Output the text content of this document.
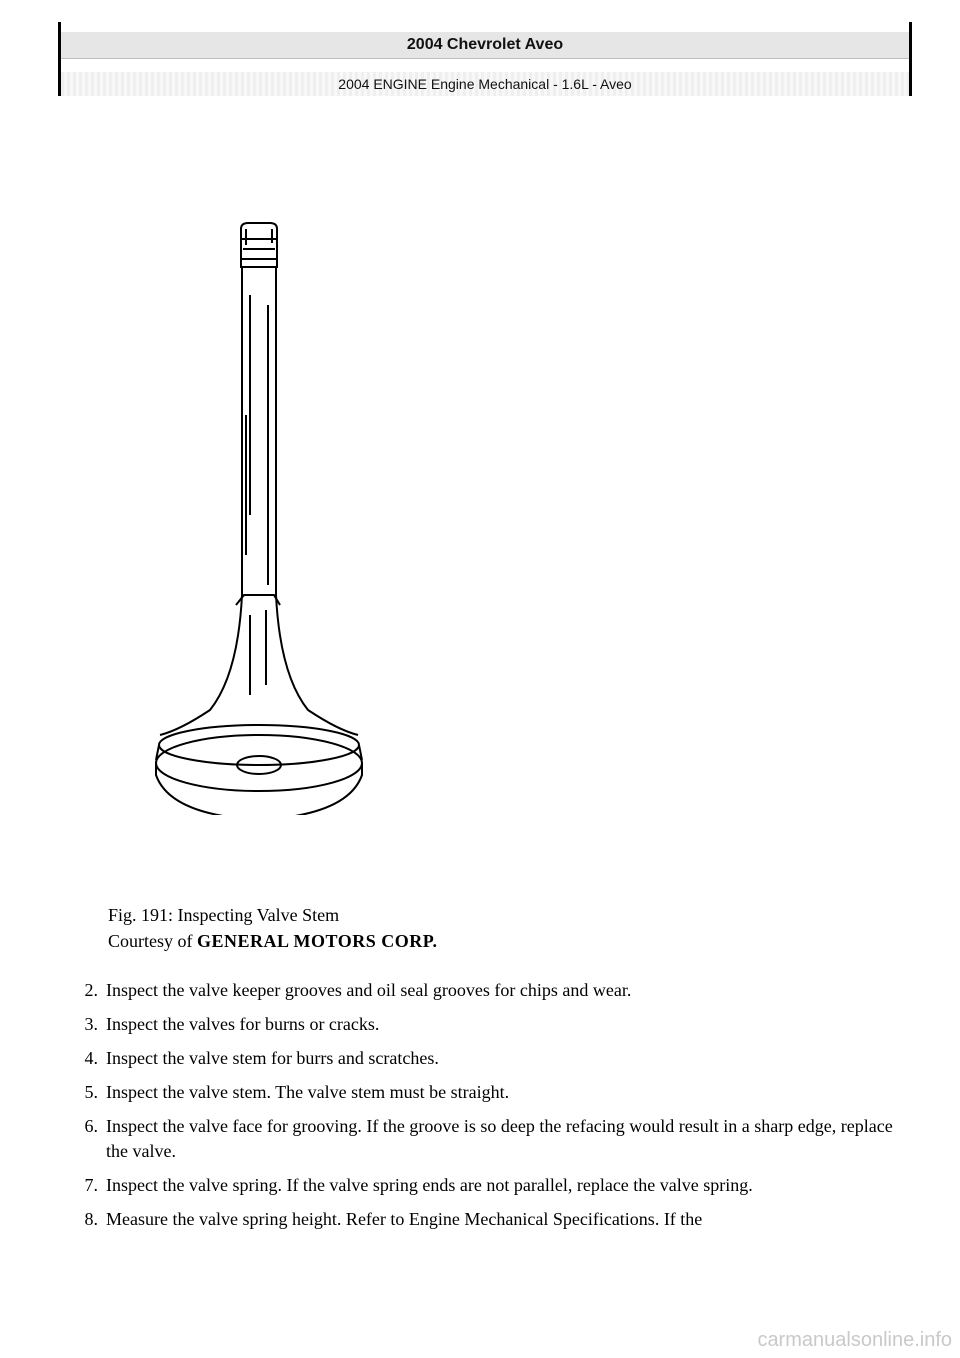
2004 Chevrolet Aveo
2004 ENGINE Engine Mechanical - 1.6L - Aveo
Fig. 191: Inspecting Valve Stem
Courtesy of GENERAL MOTORS CORP.
2. Inspect the valve keeper grooves and oil seal grooves for chips and wear.
3. Inspect the valves for burns or cracks.
4. Inspect the valve stem for burrs and scratches.
5. Inspect the valve stem. The valve stem must be straight.
6. Inspect the valve face for grooving. If the groove is so deep the refacing would result in a sharp edge, replace the valve.
7. Inspect the valve spring. If the valve spring ends are not parallel, replace the valve spring.
8. Measure the valve spring height. Refer to Engine Mechanical Specifications. If the
carmanualsonline.info
